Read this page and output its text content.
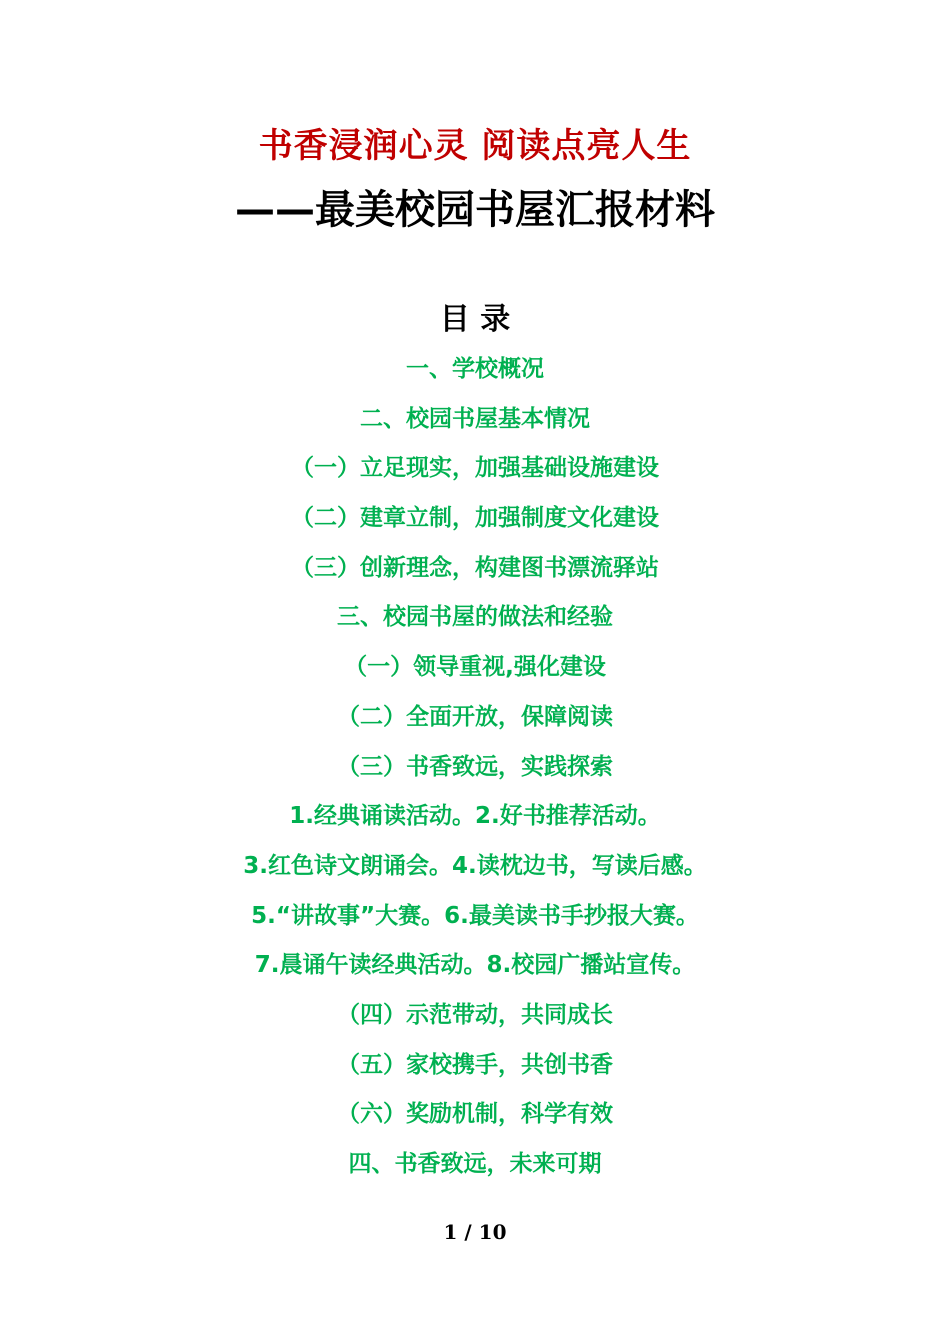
书香浸润心灵 阅读点亮人生
——最美校园书屋汇报材料
目 录
一、学校概况
二、校园书屋基本情况
（一）立足现实，加强基础设施建设
（二）建章立制，加强制度文化建设
（三）创新理念，构建图书漂流驿站
三、校园书屋的做法和经验
（一）领导重视,强化建设
（二）全面开放，保障阅读
（三）书香致远，实践探索
1.经典诵读活动。2.好书推荐活动。
3.红色诗文朗诵会。4.读枕边书，写读后感。
5.“讲故事”大赛。6.最美读书手抄报大赛。
7.晨诵午读经典活动。8.校园广播站宣传。
（四）示范带动，共同成长
（五）家校携手，共创书香
（六）奖励机制，科学有效
四、书香致远，未来可期
1 / 10
